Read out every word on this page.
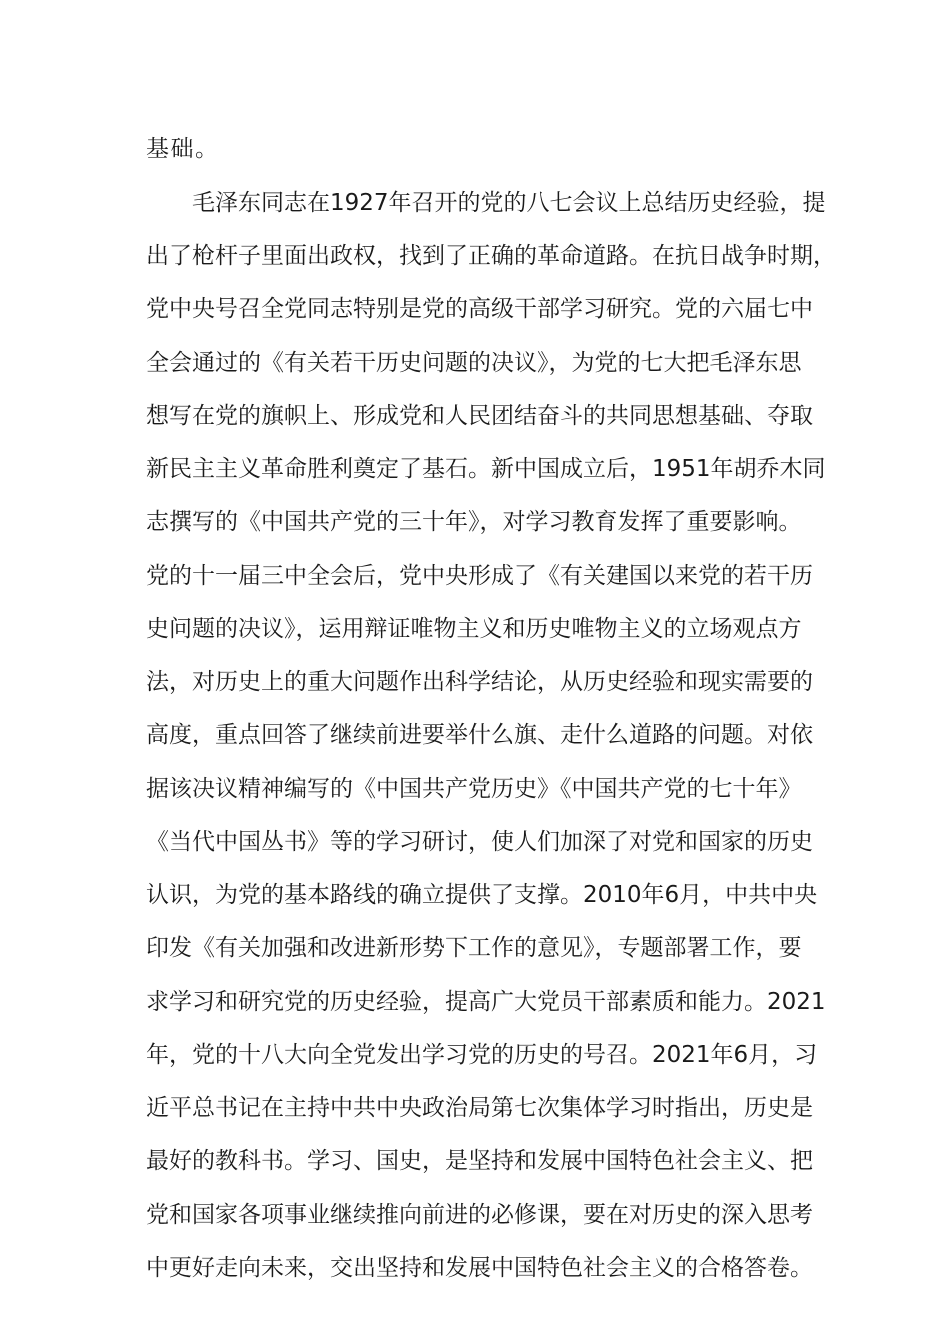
基础。
毛泽东同志在1927年召开的党的八七会议上总结历史经验，提
出了枪杆子里面出政权，找到了正确的革命道路。在抗日战争时期，
党中央号召全党同志特别是党的高级干部学习研究。党的六届七中
全会通过的《有关若干历史问题的决议》，为党的七大把毛泽东思
想写在党的旗帜上、形成党和人民团结奋斗的共同思想基础、夺取
新民主主义革命胜利奠定了基石。新中国成立后，1951年胡乔木同
志撰写的《中国共产党的三十年》，对学习教育发挥了重要影响。
党的十一届三中全会后，党中央形成了《有关建国以来党的若干历
史问题的决议》，运用辩证唯物主义和历史唯物主义的立场观点方
法，对历史上的重大问题作出科学结论，从历史经验和现实需要的
高度，重点回答了继续前进要举什么旗、走什么道路的问题。对依
据该决议精神编写的《中国共产党历史》《中国共产党的七十年》
《当代中国丛书》等的学习研讨，使人们加深了对党和国家的历史
认识，为党的基本路线的确立提供了支撑。2010年6月，中共中央
印发《有关加强和改进新形势下工作的意见》，专题部署工作，要
求学习和研究党的历史经验，提高广大党员干部素质和能力。2021
年，党的十八大向全党发出学习党的历史的号召。2021年6月，习
近平总书记在主持中共中央政治局第七次集体学习时指出，历史是
最好的教科书。学习、国史，是坚持和发展中国特色社会主义、把
党和国家各项事业继续推向前进的必修课，要在对历史的深入思考
中更好走向未来，交出坚持和发展中国特色社会主义的合格答卷。
